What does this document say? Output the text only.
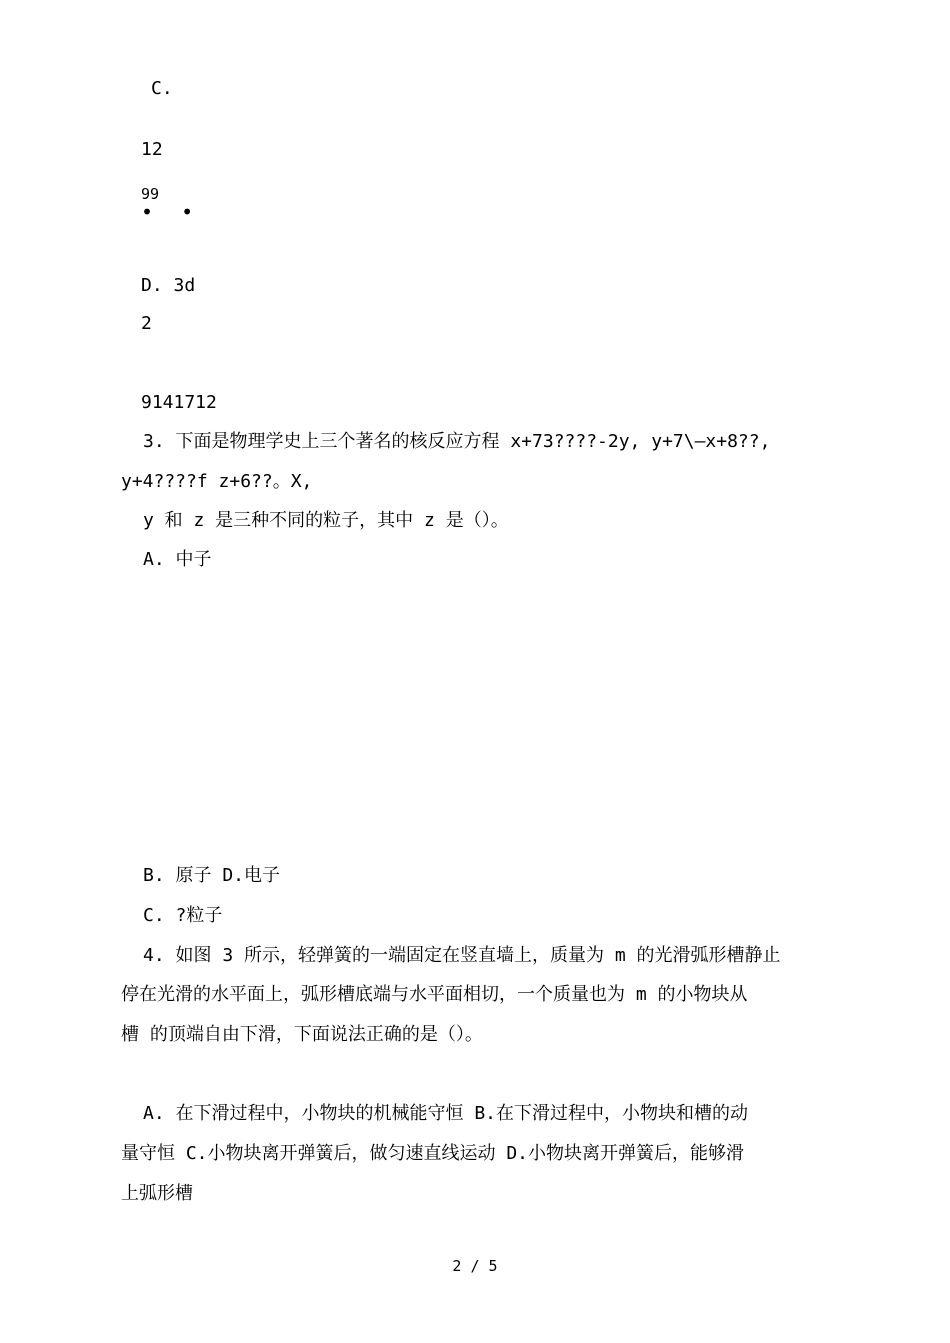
C.
12
99
• •
D. 3d
2
9141712
3. 下面是物理学史上三个著名的核反应方程 x+73????-2y, y+7\—x+8??,
y+4????f z+6??。X,
y 和 z 是三种不同的粒子，其中 z 是（）。
A. 中子
B. 原子 D.电子
C. ?粒子
4. 如图 3 所示，轻弹簧的一端固定在竖直墙上，质量为 m 的光滑弧形槽静止
停在光滑的水平面上，弧形槽底端与水平面相切，一个质量也为 m 的小物块从
槽 的顶端自由下滑，下面说法正确的是（）。
A. 在下滑过程中，小物块的机械能守恒 B.在下滑过程中，小物块和槽的动
量守恒 C.小物块离开弹簧后，做匀速直线运动 D.小物块离开弹簧后，能够滑
上弧形槽
2 / 5
